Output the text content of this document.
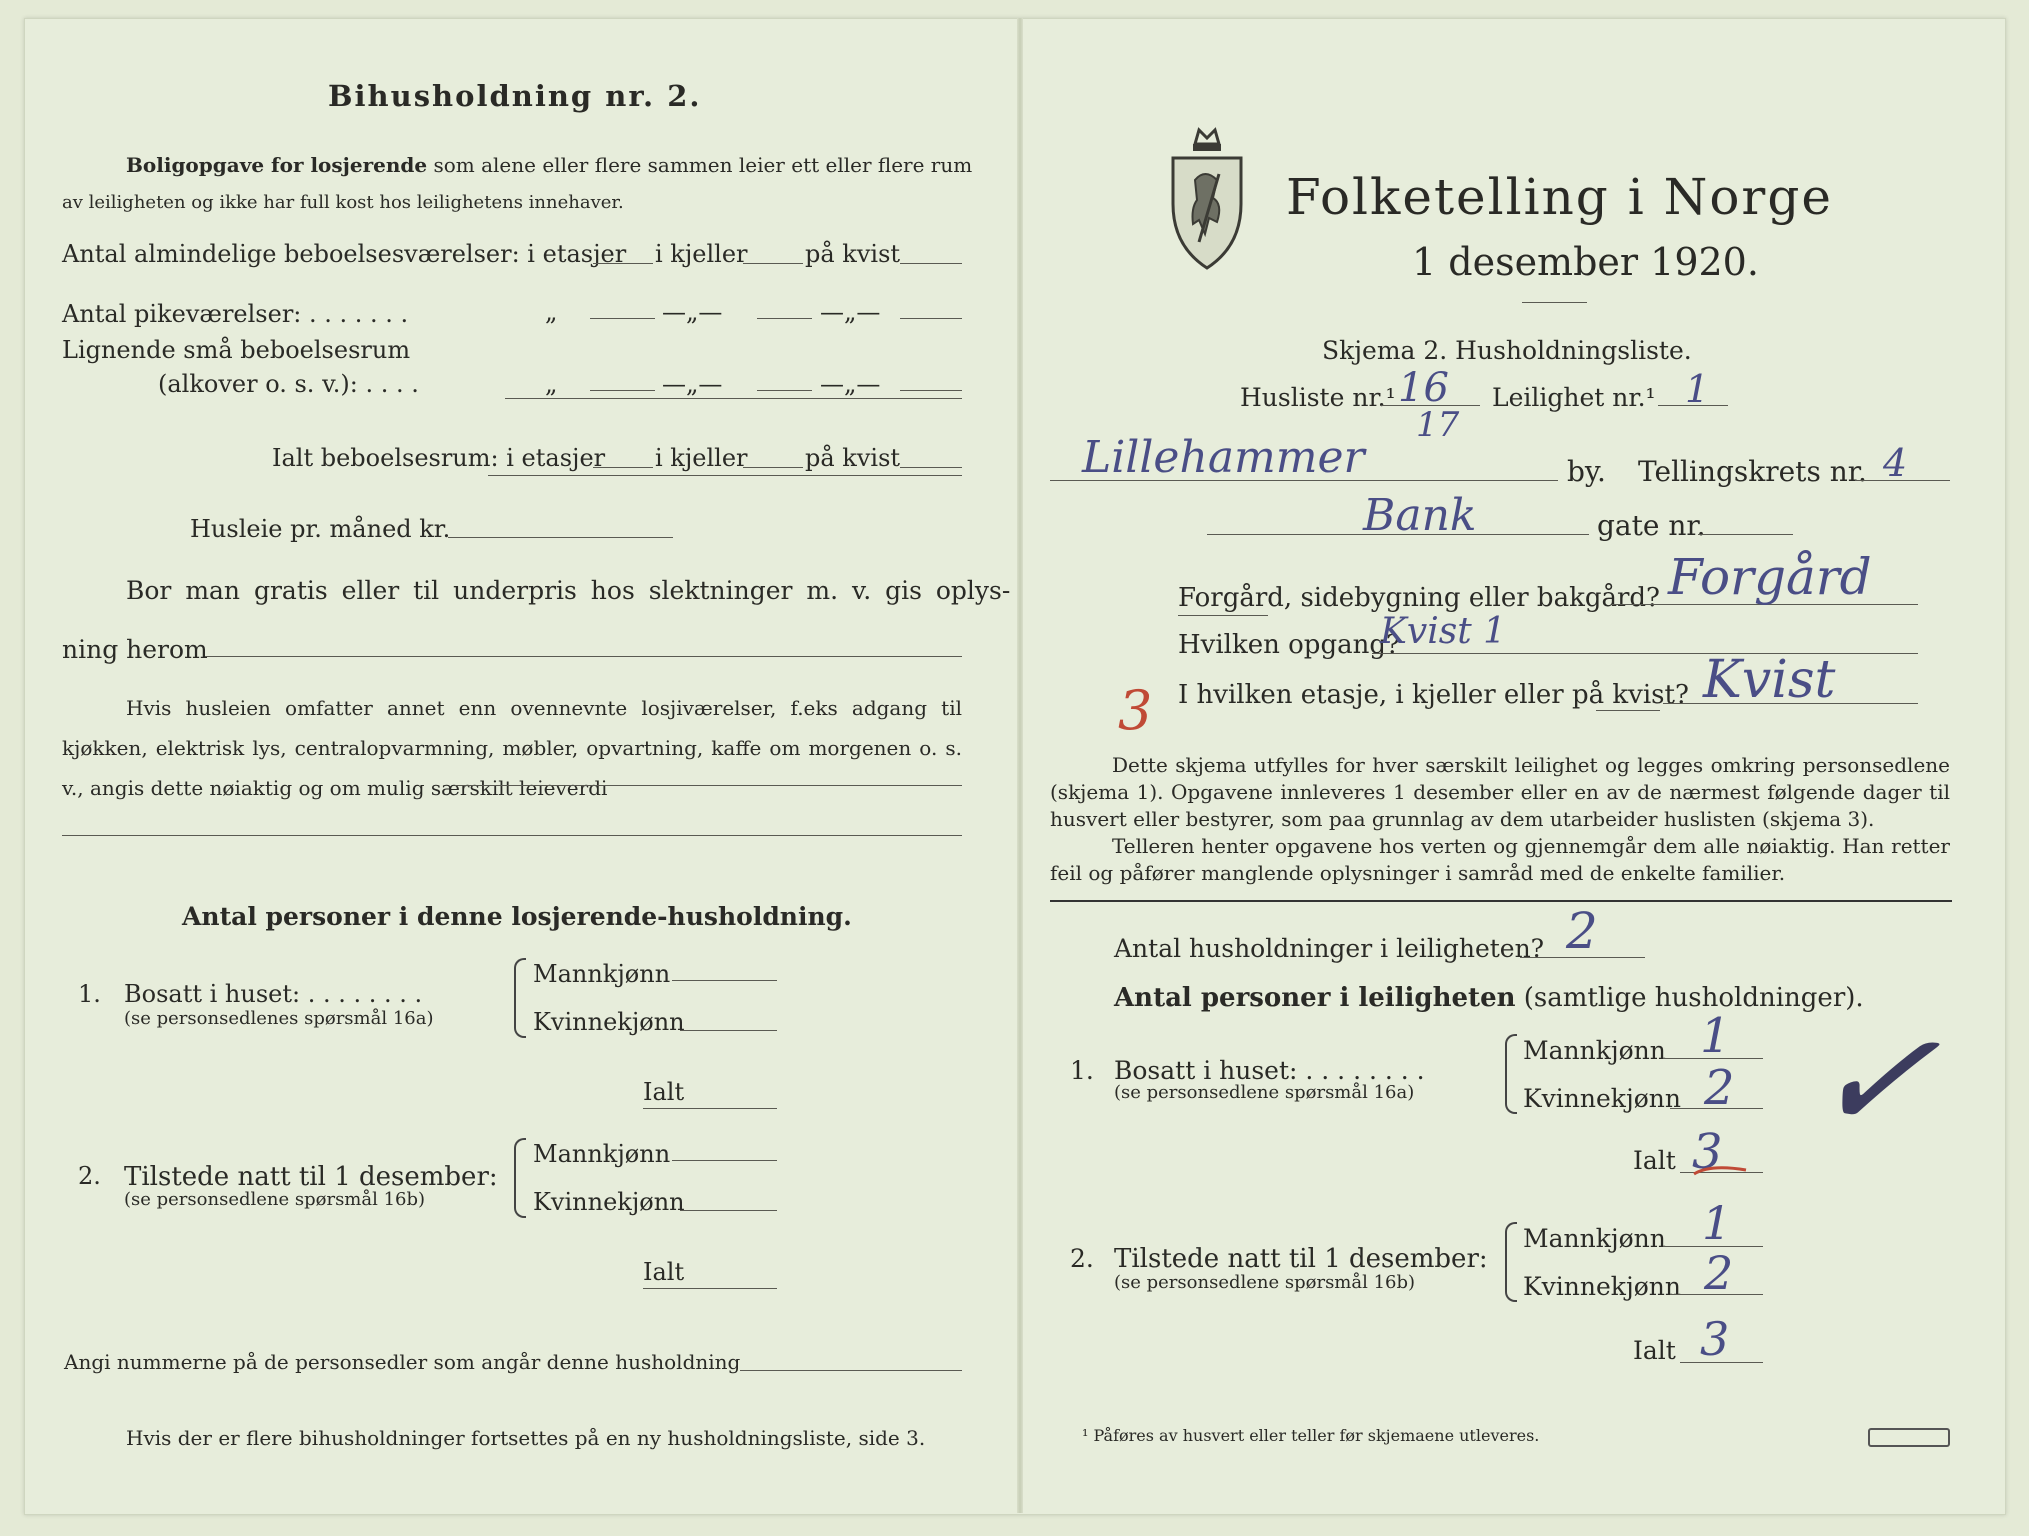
Bihusholdning nr. 2.
Boligopgave for losjerende som alene eller flere sammen leier ett eller flere rum
av leiligheten og ikke har full kost hos leilighetens innehaver.
Antal almindelige beboelsesværelser: i etasjer i kjeller på kvist
Antal pikeværelser: . . . . . . .	„	—„—	—„—
Lignende små beboelsesrum
(alkover o. s. v.): . . . .	„	—„—	—„—
Ialt beboelsesrum: i etasjer i kjeller på kvist
Husleie pr. måned kr.
Bor man gratis eller til underpris hos slektninger m. v. gis oplys-
ning herom
Hvis husleien omfatter annet enn ovennevnte losjiværelser, f.eks adgang til kjøkken, elektrisk lys, centralopvarmning, møbler, opvartning, kaffe om morgenen o. s. v., angis dette nøiaktig og om mulig særskilt leieverdi
Antal personer i denne losjerende-husholdning.
1. Bosatt i huset: . . . . . . . .
(se personsedlenes spørsmål 16a)
Mannkjønn
Kvinnekjønn
Ialt
2. Tilstede natt til 1 desember:
(se personsedlene spørsmål 16b)
Mannkjønn
Kvinnekjønn
Ialt
Angi nummerne på de personsedler som angår denne husholdning
Hvis der er flere bihusholdninger fortsettes på en ny husholdningsliste, side 3.
Folketelling i Norge
1 desember 1920.
Skjema 2. Husholdningsliste.
Husliste nr.¹ 16
17
Leilighet nr.¹ 1
Lillehammer	by. Tellingskrets nr. 4
Bank	gate nr.
Forgård, sidebygning eller bakgård? Forgård
Hvilken opgang?
Kvist 1
3 I hvilken etasje, i kjeller eller på kvist? Kvist
Dette skjema utfylles for hver særskilt leilighet og legges omkring personsedlene (skjema 1). Opgavene innleveres 1 desember eller en av de nærmest følgende dager til husvert eller bestyrer, som paa grunnlag av dem utarbeider huslisten (skjema 3).
Telleren henter opgavene hos verten og gjennemgår dem alle nøiaktig. Han retter feil og påfører manglende oplysninger i samråd med de enkelte familier.
Antal husholdninger i leiligheten? 2
Antal personer i leiligheten (samtlige husholdninger).
1. Bosatt i huset: . . . . . . . .
(se personsedlene spørsmål 16a)
Mannkjønn 1
Kvinnekjønn 2
Ialt 3 ✓
2. Tilstede natt til 1 desember:
(se personsedlene spørsmål 16b)
Mannkjønn 1
Kvinnekjønn 2
Ialt 3
¹ Påføres av husvert eller teller før skjemaene utleveres.
